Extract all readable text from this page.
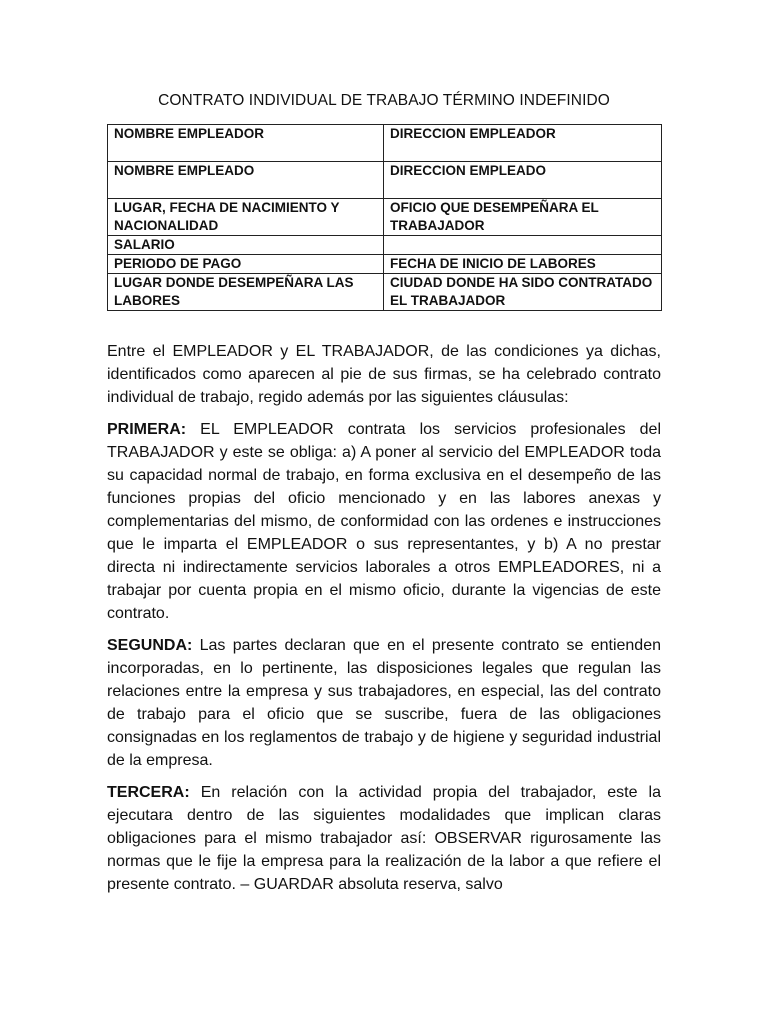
CONTRATO INDIVIDUAL DE TRABAJO TÉRMINO INDEFINIDO
NOMBRE EMPLEADOR	DIRECCION EMPLEADOR
NOMBRE EMPLEADO	DIRECCION EMPLEADO
LUGAR, FECHA DE NACIMIENTO Y NACIONALIDAD	OFICIO QUE DESEMPEÑARA EL TRABAJADOR
SALARIO	
PERIODO DE PAGO	FECHA DE INICIO DE LABORES
LUGAR DONDE DESEMPEÑARA LAS LABORES	CIUDAD DONDE HA SIDO CONTRATADO EL TRABAJADOR

Entre el EMPLEADOR y EL TRABAJADOR, de las condiciones ya dichas, identificados como aparecen al pie de sus firmas, se ha celebrado contrato individual de trabajo, regido además por las siguientes cláusulas:

PRIMERA: EL EMPLEADOR contrata los servicios profesionales del TRABAJADOR y este se obliga: a) A poner al servicio del EMPLEADOR toda su capacidad normal de trabajo, en forma exclusiva en el desempeño de las funciones propias del oficio mencionado y en las labores anexas y complementarias del mismo, de conformidad con las ordenes e instrucciones que le imparta el EMPLEADOR o sus representantes, y b) A no prestar directa ni indirectamente servicios laborales a otros EMPLEADORES, ni a trabajar por cuenta propia en el mismo oficio, durante la vigencias de este contrato.

SEGUNDA: Las partes declaran que en el presente contrato se entienden incorporadas, en lo pertinente, las disposiciones legales que regulan las relaciones entre la empresa y sus trabajadores, en especial, las del contrato de trabajo para el oficio que se suscribe, fuera de las obligaciones consignadas en los reglamentos de trabajo y de higiene y seguridad industrial de la empresa.

TERCERA: En relación con la actividad propia del trabajador, este la ejecutara dentro de las siguientes modalidades que implican claras obligaciones para el mismo trabajador así: OBSERVAR rigurosamente las normas que le fije la empresa para la realización de la labor a que refiere el presente contrato. – GUARDAR absoluta reserva, salvo
